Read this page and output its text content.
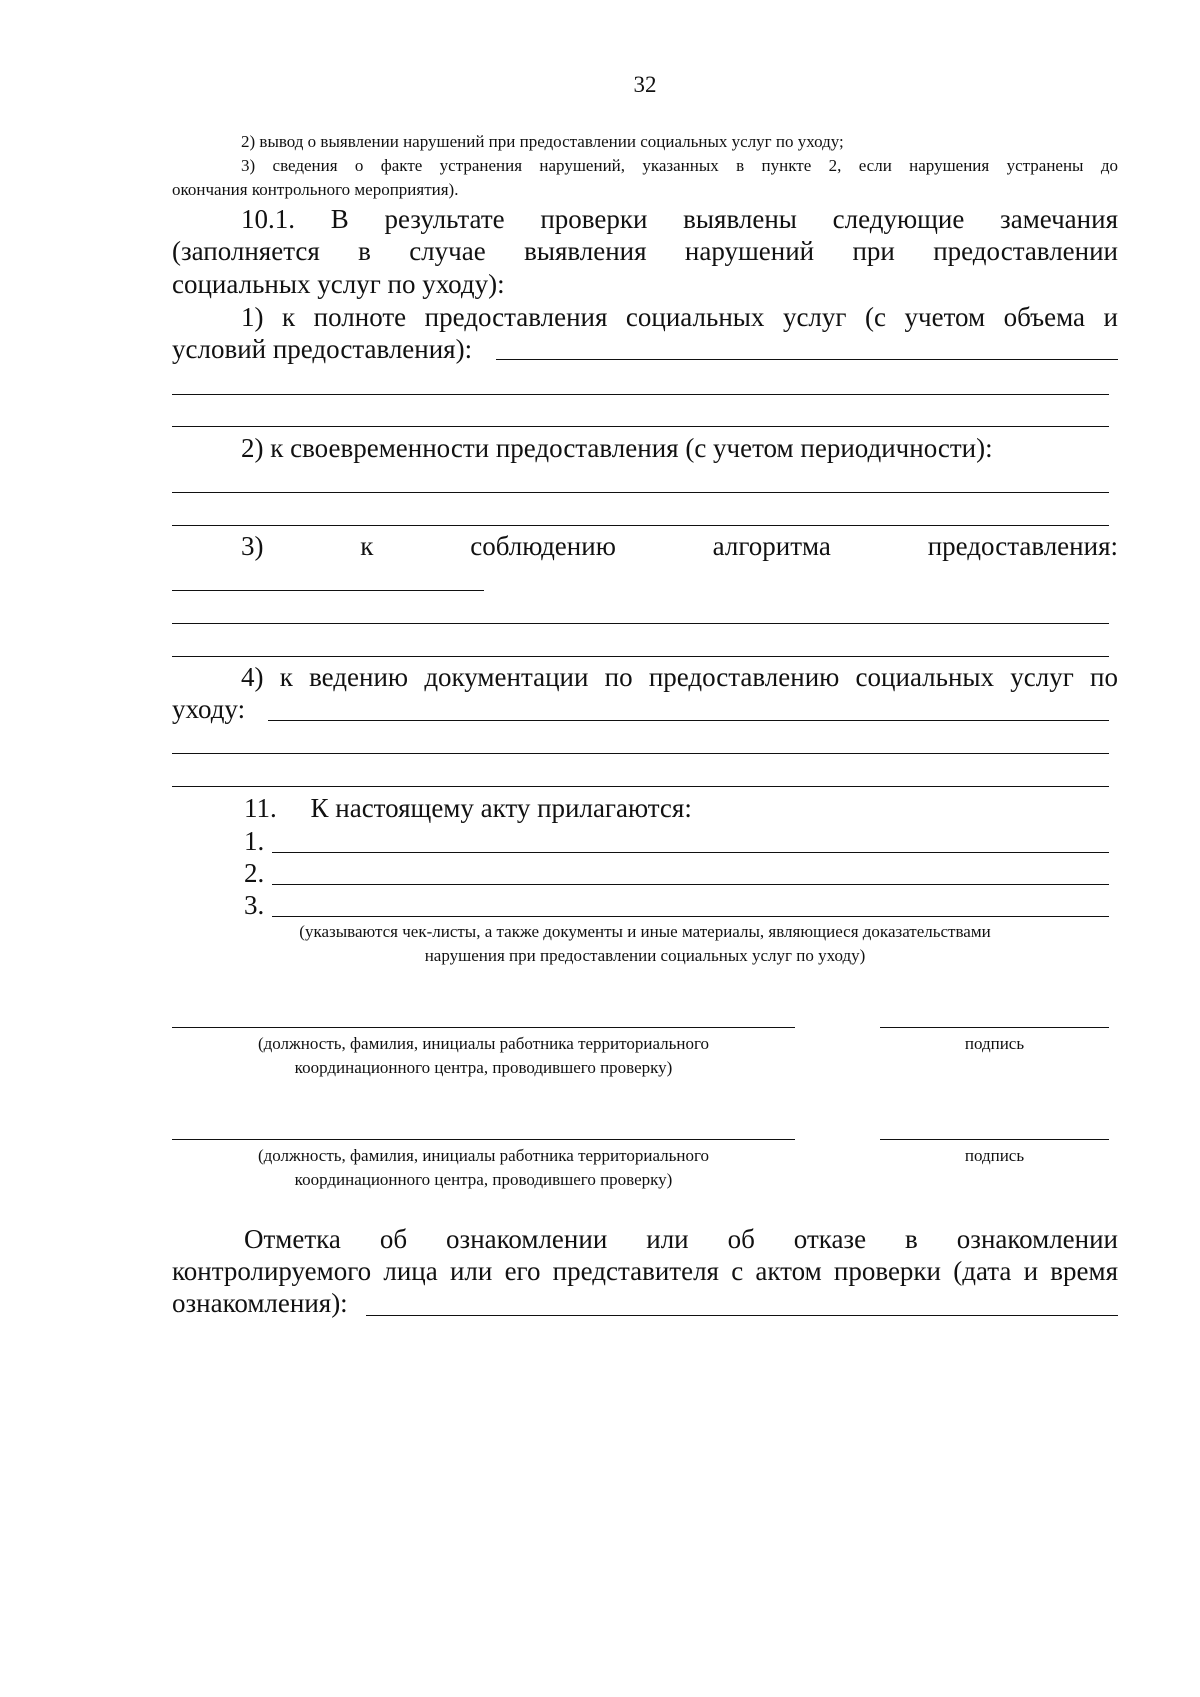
32
2) вывод о выявлении нарушений при предоставлении социальных услуг по уходу;
3) сведения о факте устранения нарушений, указанных в пункте 2, если нарушения устранены до
окончания контрольного мероприятия).
10.1. В результате проверки выявлены следующие замечания
(заполняется в случае выявления нарушений при предоставлении
социальных услуг по уходу):
1) к полноте предоставления социальных услуг (с учетом объема и
условий предоставления):
2) к своевременности предоставления (с учетом периодичности):
3) к соблюдению алгоритма предоставления:
4) к ведению документации по предоставлению социальных услуг по
уходу:
11.     К настоящему акту прилагаются:
1.
2.
3.
(указываются чек-листы, а также документы и иные материалы, являющиеся доказательствами
нарушения при предоставлении социальных услуг по уходу)
(должность, фамилия, инициалы работника территориального
координационного центра, проводившего проверку)
подпись
(должность, фамилия, инициалы работника территориального
координационного центра, проводившего проверку)
подпись
Отметка об ознакомлении или об отказе в ознакомлении
контролируемого лица или его представителя с актом проверки (дата и время
ознакомления):
